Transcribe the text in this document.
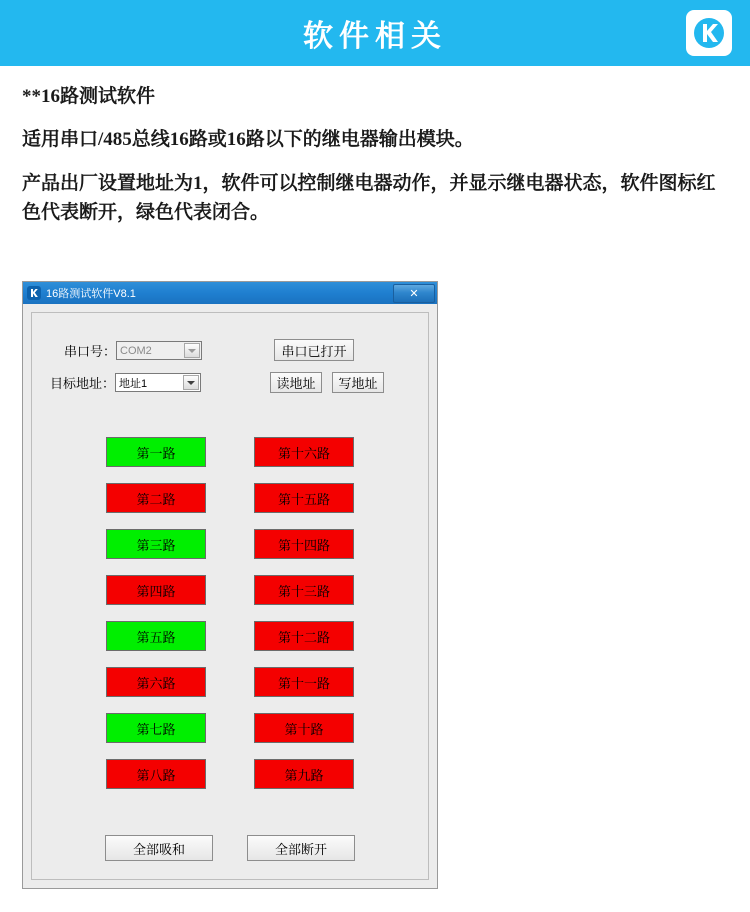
软件相关

**16路测试软件

适用串口/485总线16路或16路以下的继电器输出模块。

产品出厂设置地址为1，软件可以控制继电器动作，并显示继电器状态，软件图标红色代表断开，绿色代表闭合。

16路测试软件V8.1	✕
串口号： COM2	串口已打开
目标地址： 地址1	读地址	写地址
第一路	第十六路
第二路	第十五路
第三路	第十四路
第四路	第十三路
第五路	第十二路
第六路	第十一路
第七路	第十路
第八路	第九路
全部吸和	全部断开
